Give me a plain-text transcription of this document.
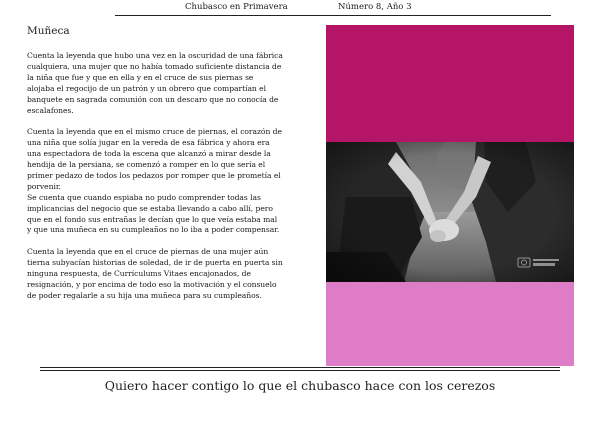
Chubasco en Primavera	Número 8, Año 3
Muñeca

Cuenta la leyenda que hubo una vez en la oscuridad de una fábrica cualquiera, una mujer que no había tomado suficiente distancia de la niña que fue y que en ella y en el cruce de sus piernas se alojaba el regocijo de un patrón y un obrero que compartían el banquete en sagrada comunión con un descaro que no conocía de escalafones.

Cuenta la leyenda que en el mismo cruce de piernas, el corazón de una niña que solía jugar en la vereda de esa fábrica y ahora era una espectadora de toda la escena que alcanzó a mirar desde la hendija de la persiana, se comenzó a romper en lo que sería el primer pedazo de todos los pedazos por romper que le prometía el porvenir.

Se cuenta que cuando espiaba no pudo comprender todas las implicancias del negocio que se estaba llevando a cabo allí, pero que en el fondo sus entrañas le decían que lo que veía estaba mal y que una muñeca en su cumpleaños no lo iba a poder compensar.

Cuenta la leyenda que en el cruce de piernas de una mujer aún tierna subyacían historias de soledad, de ir de puerta en puerta sin ninguna respuesta, de Currículums Vitaes encajonados, de resignación, y por encima de todo eso la motivación y el consuelo de poder regalarle a su hija una muñeca para su cumpleaños.

Quiero hacer contigo lo que el chubasco hace con los cerezos
